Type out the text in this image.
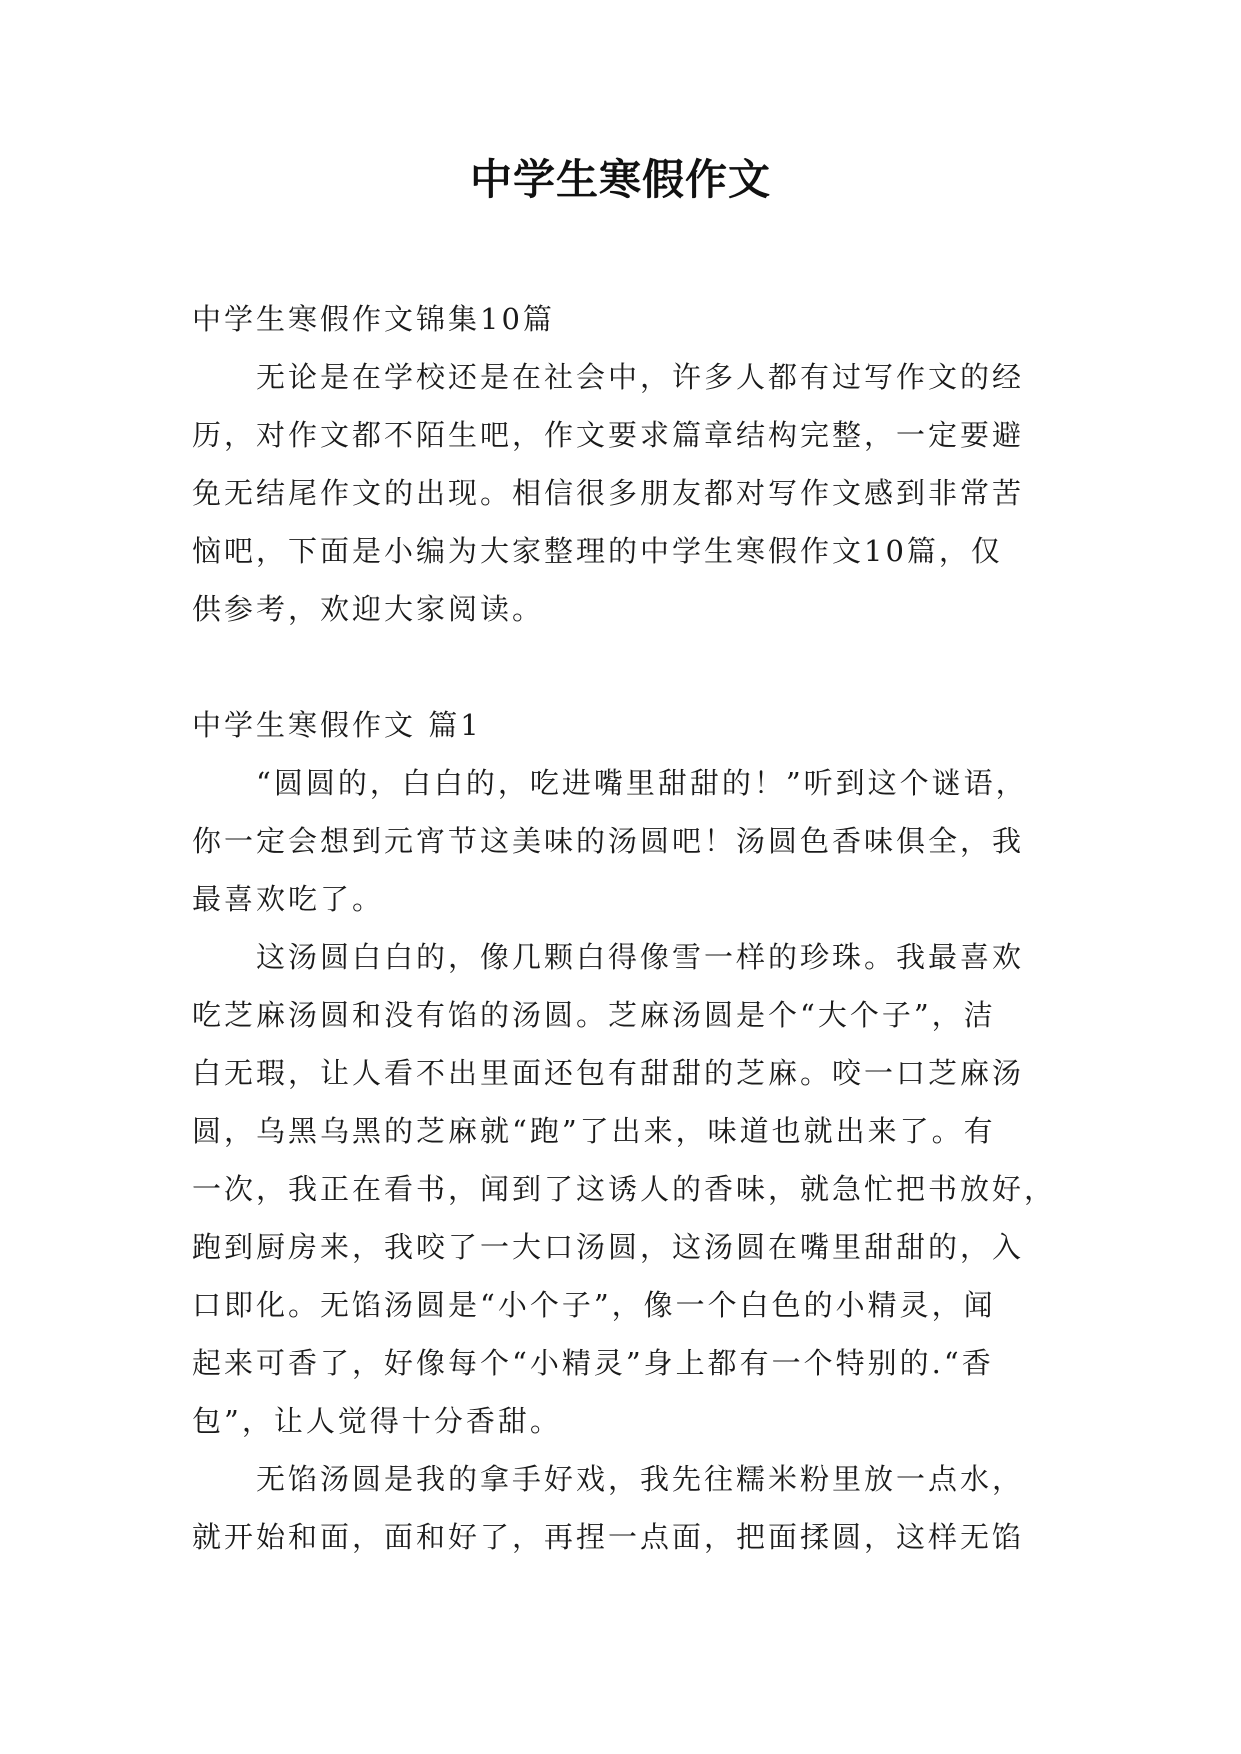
中学生寒假作文
中学生寒假作文锦集10篇
无论是在学校还是在社会中，许多人都有过写作文的经
历，对作文都不陌生吧，作文要求篇章结构完整，一定要避
免无结尾作文的出现。相信很多朋友都对写作文感到非常苦
恼吧，下面是小编为大家整理的中学生寒假作文10篇，仅
供参考，欢迎大家阅读。
中学生寒假作文 篇1
“圆圆的，白白的，吃进嘴里甜甜的！”听到这个谜语，
你一定会想到元宵节这美味的汤圆吧！汤圆色香味俱全，我
最喜欢吃了。
这汤圆白白的，像几颗白得像雪一样的珍珠。我最喜欢
吃芝麻汤圆和没有馅的汤圆。芝麻汤圆是个“大个子”，洁
白无瑕，让人看不出里面还包有甜甜的芝麻。咬一口芝麻汤
圆，乌黑乌黑的芝麻就“跑”了出来，味道也就出来了。有
一次，我正在看书，闻到了这诱人的香味，就急忙把书放好，
跑到厨房来，我咬了一大口汤圆，这汤圆在嘴里甜甜的，入
口即化。无馅汤圆是“小个子”，像一个白色的小精灵，闻
起来可香了，好像每个“小精灵”身上都有一个特别的.“香
包”，让人觉得十分香甜。
无馅汤圆是我的拿手好戏，我先往糯米粉里放一点水，
就开始和面，面和好了，再捏一点面，把面揉圆，这样无馅
